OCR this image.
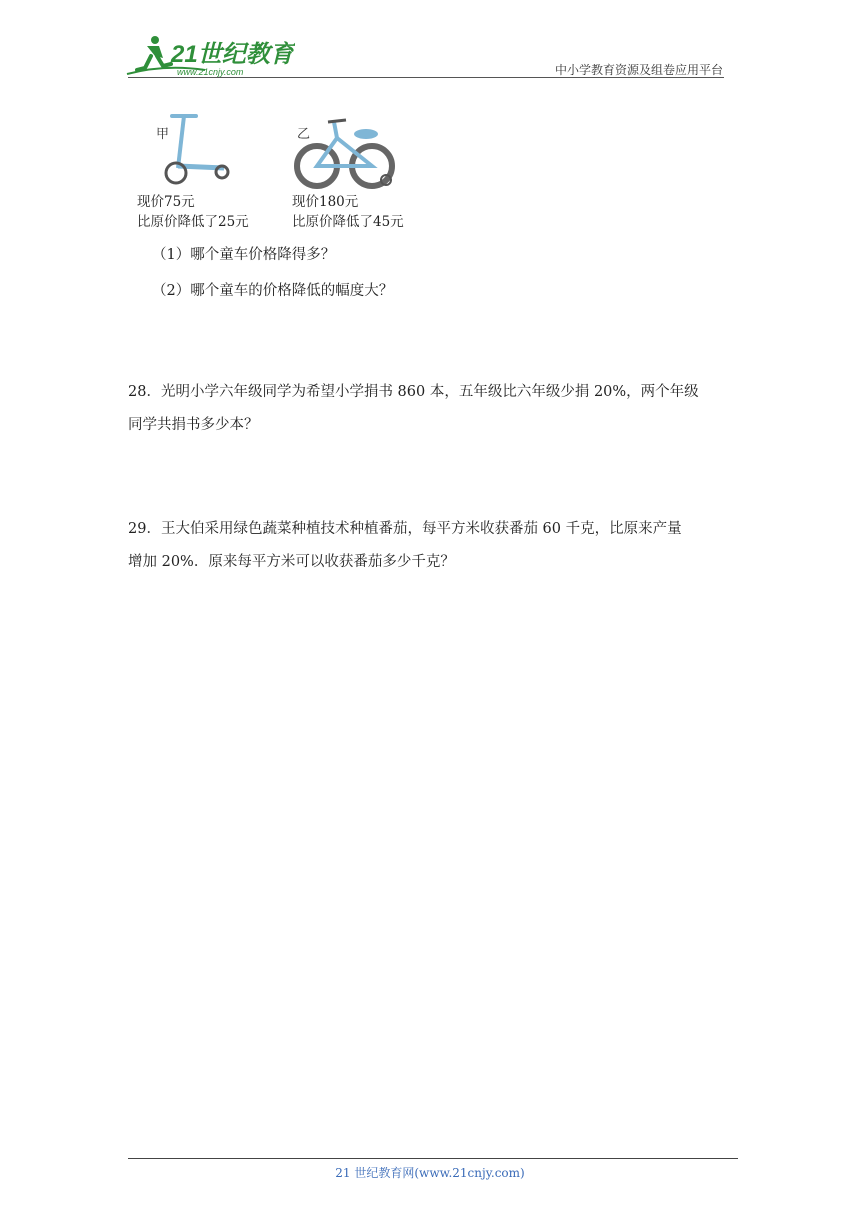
21世纪教育
www.21cnjy.com	中小学教育资源及组卷应用平台
甲	乙
现价75元
比原价降低了25元
现价180元
比原价降低了45元
（1）哪个童车价格降得多？
（2）哪个童车的价格降低的幅度大？
28．光明小学六年级同学为希望小学捐书 860 本，五年级比六年级少捐 20%，两个年级
同学共捐书多少本？
29．王大伯采用绿色蔬菜种植技术种植番茄，每平方米收获番茄 60 千克，比原来产量
增加 20%．原来每平方米可以收获番茄多少千克？
21 世纪教育网(www.21cnjy.com)
